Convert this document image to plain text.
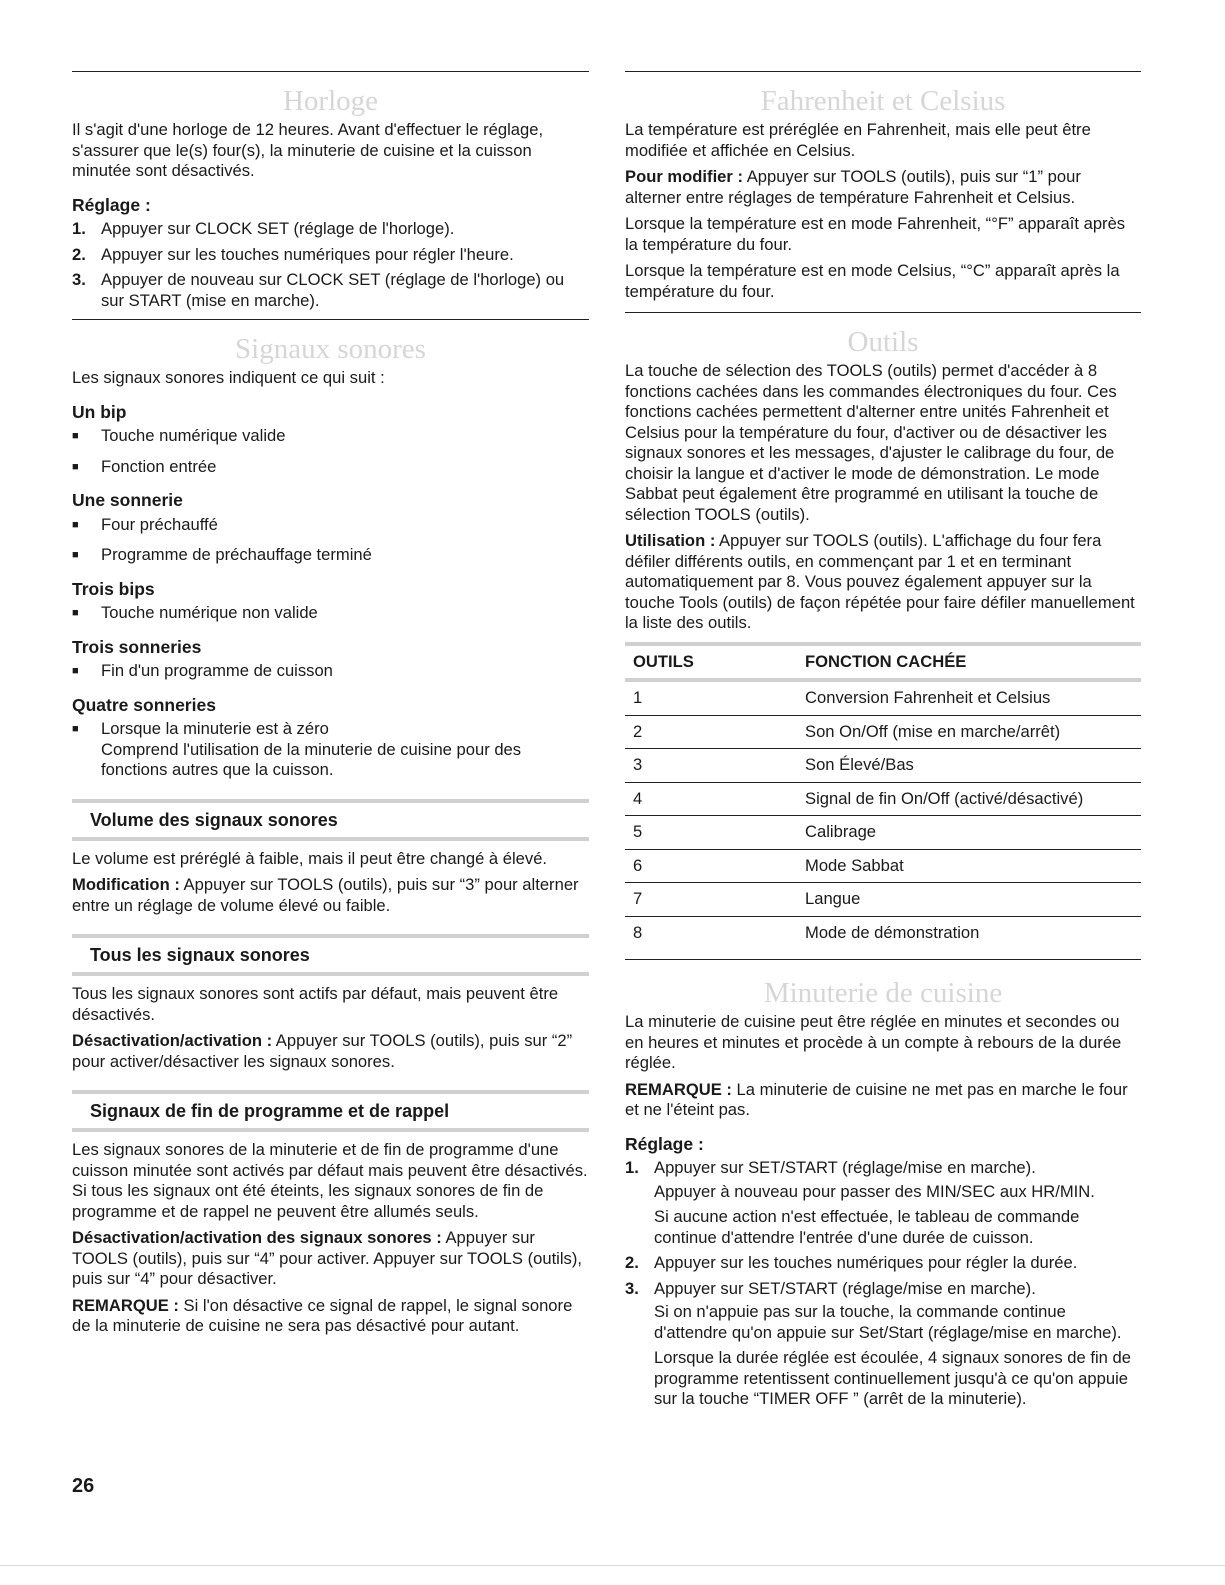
Horloge

Il s'agit d'une horloge de 12 heures. Avant d'effectuer le réglage, s'assurer que le(s) four(s), la minuterie de cuisine et la cuisson minutée sont désactivés.

Réglage :
1. Appuyer sur CLOCK SET (réglage de l'horloge).
2. Appuyer sur les touches numériques pour régler l'heure.
3. Appuyer de nouveau sur CLOCK SET (réglage de l'horloge) ou sur START (mise en marche).
Signaux sonores

Les signaux sonores indiquent ce qui suit :

Un bip
■ Touche numérique valide
■ Fonction entrée
Une sonnerie
■ Four préchauffé
■ Programme de préchauffage terminé
Trois bips
■ Touche numérique non valide
Trois sonneries
■ Fin d'un programme de cuisson
Quatre sonneries
■ Lorsque la minuterie est à zéro
Comprend l'utilisation de la minuterie de cuisine pour des fonctions autres que la cuisson.
Volume des signaux sonores

Le volume est préréglé à faible, mais il peut être changé à élevé.

Modification : Appuyer sur TOOLS (outils), puis sur “3” pour alterner entre un réglage de volume élevé ou faible.

Tous les signaux sonores

Tous les signaux sonores sont actifs par défaut, mais peuvent être désactivés.

Désactivation/activation : Appuyer sur TOOLS (outils), puis sur “2” pour activer/désactiver les signaux sonores.

Signaux de fin de programme et de rappel

Les signaux sonores de la minuterie et de fin de programme d'une cuisson minutée sont activés par défaut mais peuvent être désactivés. Si tous les signaux ont été éteints, les signaux sonores de fin de programme et de rappel ne peuvent être allumés seuls.

Désactivation/activation des signaux sonores : Appuyer sur TOOLS (outils), puis sur “4” pour activer. Appuyer sur TOOLS (outils), puis sur “4” pour désactiver.

REMARQUE : Si l'on désactive ce signal de rappel, le signal sonore de la minuterie de cuisine ne sera pas désactivé pour autant.

Fahrenheit et Celsius

La température est préréglée en Fahrenheit, mais elle peut être modifiée et affichée en Celsius.

Pour modifier : Appuyer sur TOOLS (outils), puis sur “1” pour alterner entre réglages de température Fahrenheit et Celsius.

Lorsque la température est en mode Fahrenheit, “°F” apparaît après la température du four.

Lorsque la température est en mode Celsius, “°C” apparaît après la température du four.

Outils

La touche de sélection des TOOLS (outils) permet d'accéder à 8 fonctions cachées dans les commandes électroniques du four. Ces fonctions cachées permettent d'alterner entre unités Fahrenheit et Celsius pour la température du four, d'activer ou de désactiver les signaux sonores et les messages, d'ajuster le calibrage du four, de choisir la langue et d'activer le mode de démonstration. Le mode Sabbat peut également être programmé en utilisant la touche de sélection TOOLS (outils).

Utilisation : Appuyer sur TOOLS (outils). L'affichage du four fera défiler différents outils, en commençant par 1 et en terminant automatiquement par 8. Vous pouvez également appuyer sur la touche Tools (outils) de façon répétée pour faire défiler manuellement la liste des outils.

OUTILS	FONCTION CACHÉE
1	Conversion Fahrenheit et Celsius
2	Son On/Off (mise en marche/arrêt)
3	Son Élevé/Bas
4	Signal de fin On/Off (activé/désactivé)
5	Calibrage
6	Mode Sabbat
7	Langue
8	Mode de démonstration
Minuterie de cuisine

La minuterie de cuisine peut être réglée en minutes et secondes ou en heures et minutes et procède à un compte à rebours de la durée réglée.

REMARQUE : La minuterie de cuisine ne met pas en marche le four et ne l'éteint pas.

Réglage :
1. Appuyer sur SET/START (réglage/mise en marche).

Appuyer à nouveau pour passer des MIN/SEC aux HR/MIN.

Si aucune action n'est effectuée, le tableau de commande continue d'attendre l'entrée d'une durée de cuisson.

2. Appuyer sur les touches numériques pour régler la durée.
3. Appuyer sur SET/START (réglage/mise en marche).

Si on n'appuie pas sur la touche, la commande continue d'attendre qu'on appuie sur Set/Start (réglage/mise en marche).

Lorsque la durée réglée est écoulée, 4 signaux sonores de fin de programme retentissent continuellement jusqu'à ce qu'on appuie sur la touche “TIMER OFF ” (arrêt de la minuterie).

26
